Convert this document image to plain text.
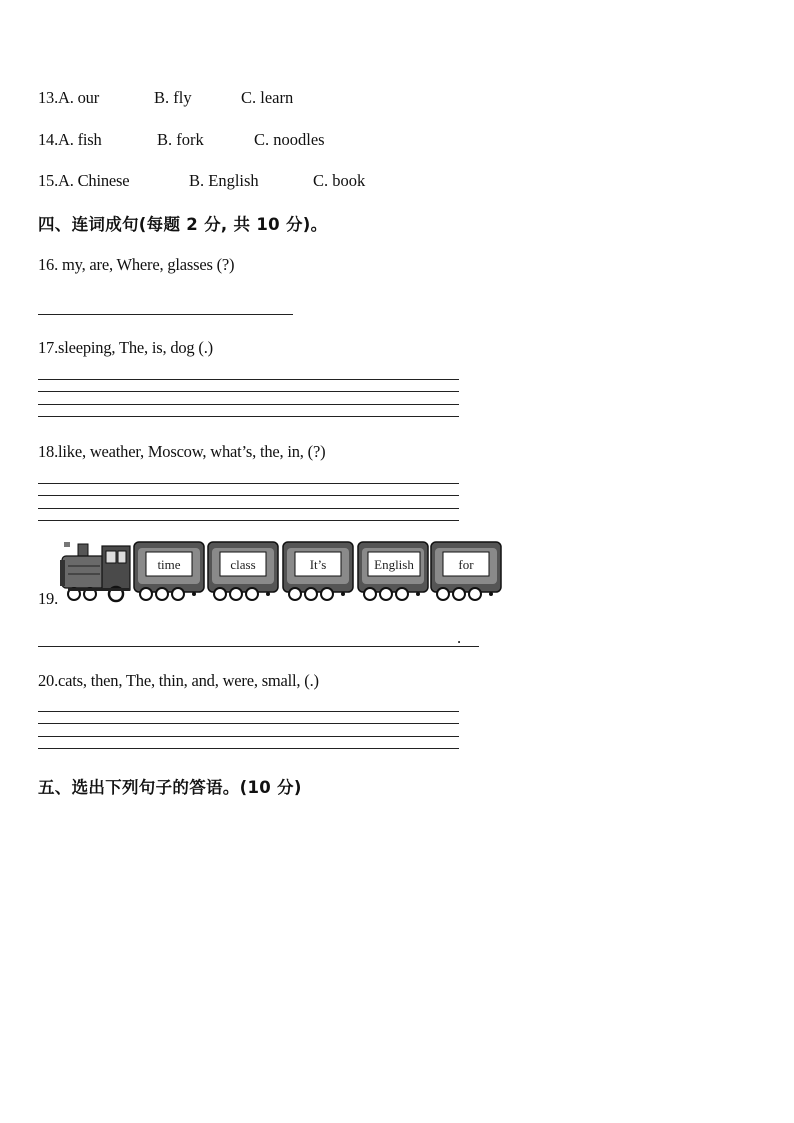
13.A. our	B. fly	C. learn
14.A. fish	B. fork	C. noodles
15.A. Chinese	B. English	C. book
四、连词成句(每题 2 分, 共 10 分)。
16. my, are, Where, glasses (?)
17.sleeping, The, is, dog (.)
18.like, weather, Moscow, what’s, the, in, (?)
19.
time	class	It’s	English	for
.
20.cats, then, The, thin, and, were, small, (.)
五、选出下列句子的答语。(10 分)
